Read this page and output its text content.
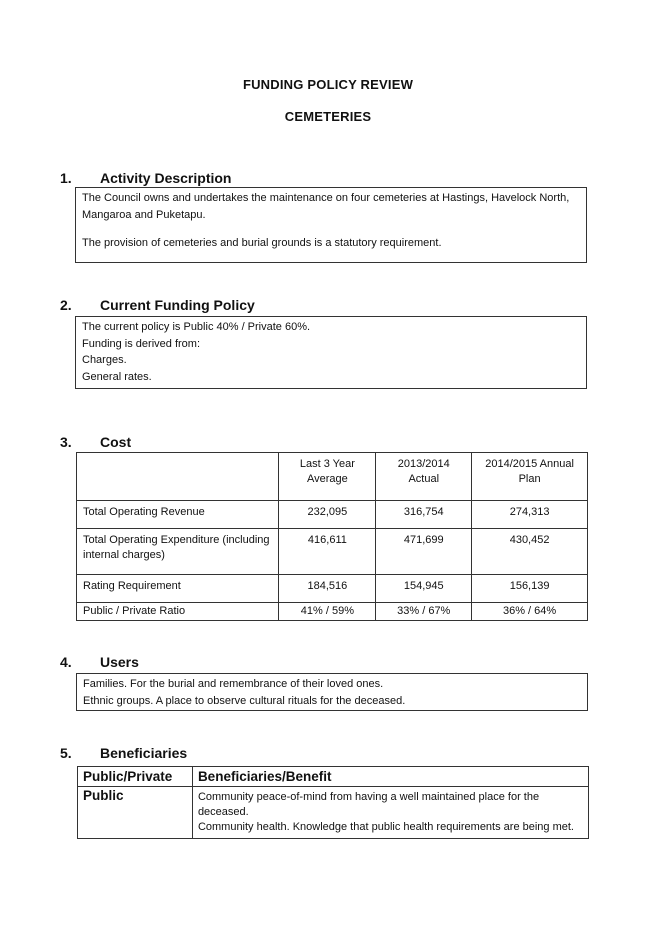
FUNDING POLICY REVIEW
CEMETERIES
1.	Activity Description

The Council owns and undertakes the maintenance on four cemeteries at Hastings, Havelock North,

Mangaroa and Puketapu.

The provision of cemeteries and burial grounds is a statutory requirement.

2.	Current Funding Policy

The current policy is Public 40% / Private 60%.

Funding is derived from:

Charges.

General rates.

3.	Cost
	Last 3 Year Average	2013/2014 Actual	2014/2015 Annual Plan
Total Operating Revenue	232,095	316,754	274,313
Total Operating Expenditure (including internal charges)	416,611	471,699	430,452
Rating Requirement	184,516	154,945	156,139
Public / Private Ratio	41% / 59%	33% / 67%	36% / 64%
4.	Users

Families. For the burial and remembrance of their loved ones.

Ethnic groups. A place to observe cultural rituals for the deceased.

5.	Beneficiaries
Public/Private	Beneficiaries/Benefit
Public	Community peace-of-mind from having a well maintained place for the deceased.

Community health. Knowledge that public health requirements are being met.
